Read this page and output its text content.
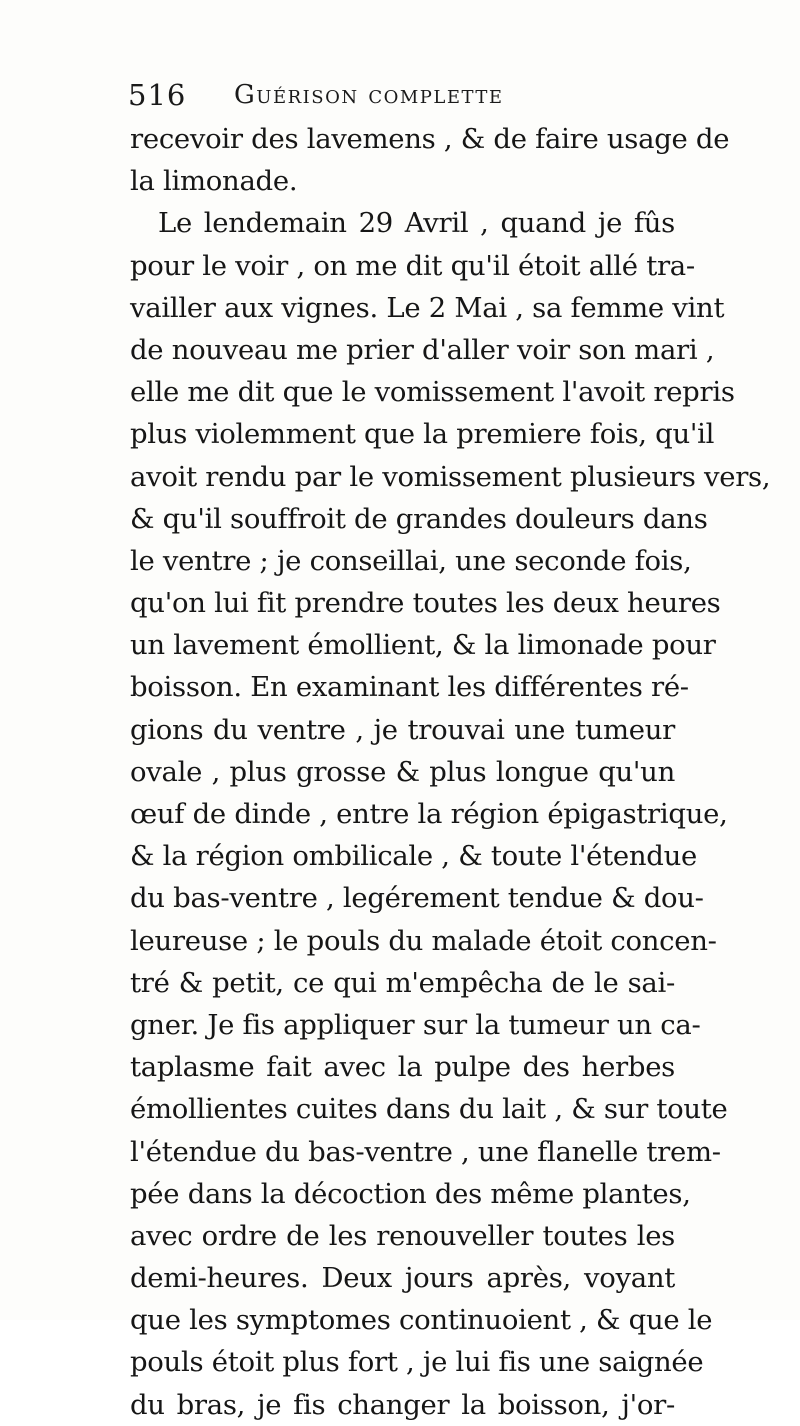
516 Guérison complette
recevoir des lavemens , & de faire usage de
la limonade.
Le lendemain 29 Avril , quand je fûs
pour le voir , on me dit qu'il étoit allé tra-
vailler aux vignes. Le 2 Mai , sa femme vint
de nouveau me prier d'aller voir son mari ,
elle me dit que le vomissement l'avoit repris
plus violemment que la premiere fois, qu'il
avoit rendu par le vomissement plusieurs vers,
& qu'il souffroit de grandes douleurs dans
le ventre ; je conseillai, une seconde fois,
qu'on lui fit prendre toutes les deux heures
un lavement émollient, & la limonade pour
boisson. En examinant les différentes ré-
gions du ventre , je trouvai une tumeur
ovale , plus grosse & plus longue qu'un
œuf de dinde , entre la région épigastrique,
& la région ombilicale , & toute l'étendue
du bas-ventre , legérement tendue & dou-
leureuse ; le pouls du malade étoit concen-
tré & petit, ce qui m'empêcha de le sai-
gner. Je fis appliquer sur la tumeur un ca-
taplasme fait avec la pulpe des herbes
émollientes cuites dans du lait , & sur toute
l'étendue du bas-ventre , une flanelle trem-
pée dans la décoction des même plantes,
avec ordre de les renouveller toutes les
demi-heures. Deux jours après, voyant
que les symptomes continuoient , & que le
pouls étoit plus fort , je lui fis une saignée
du bras, je fis changer la boisson, j'or-
